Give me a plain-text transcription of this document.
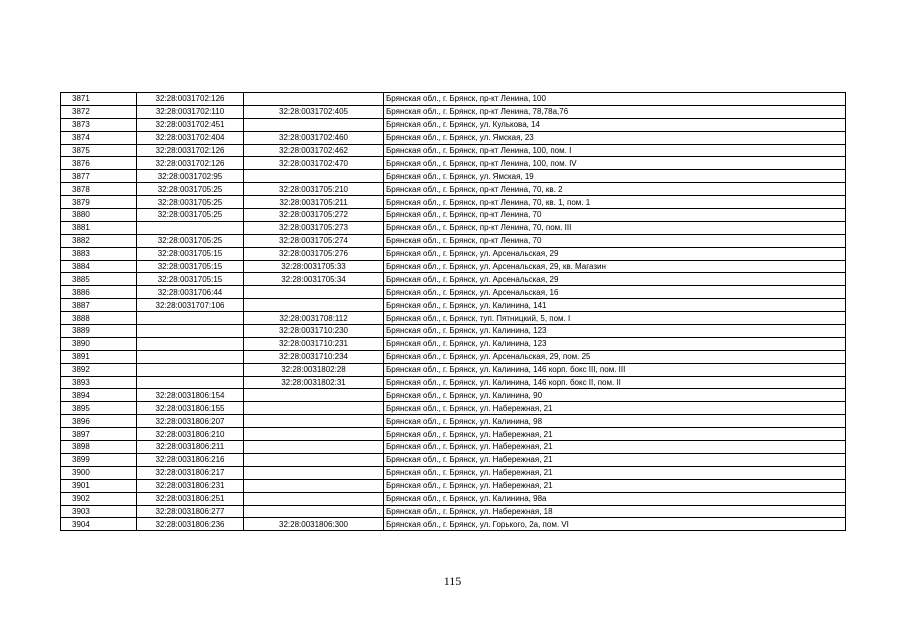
3871	32:28:0031702:126		Брянская обл., г. Брянск, пр-кт Ленина, 100
3872	32:28:0031702:110	32:28:0031702:405	Брянская обл., г. Брянск, пр-кт Ленина, 78,78а,76
3873	32:28:0031702:451		Брянская обл., г. Брянск, ул. Кулькова, 14
3874	32:28:0031702:404	32:28:0031702:460	Брянская обл., г. Брянск, ул. Ямская, 23
3875	32:28:0031702:126	32:28:0031702:462	Брянская обл., г. Брянск, пр-кт Ленина, 100, пом. I
3876	32:28:0031702:126	32:28:0031702:470	Брянская обл., г. Брянск, пр-кт Ленина, 100, пом. IV
3877	32:28:0031702:95		Брянская обл., г. Брянск, ул. Ямская, 19
3878	32:28:0031705:25	32:28:0031705:210	Брянская обл., г. Брянск, пр-кт Ленина, 70, кв. 2
3879	32:28:0031705:25	32:28:0031705:211	Брянская обл., г. Брянск, пр-кт Ленина, 70, кв. 1, пом. 1
3880	32:28:0031705:25	32:28:0031705:272	Брянская обл., г. Брянск, пр-кт Ленина, 70
3881		32:28:0031705:273	Брянская обл., г. Брянск, пр-кт Ленина, 70, пом. III
3882	32:28:0031705:25	32:28:0031705:274	Брянская обл., г. Брянск, пр-кт Ленина, 70
3883	32:28:0031705:15	32:28:0031705:276	Брянская обл., г. Брянск, ул. Арсенальская, 29
3884	32:28:0031705:15	32:28:0031705:33	Брянская обл., г. Брянск, ул. Арсенальская, 29, кв. Магазин
3885	32:28:0031705:15	32:28:0031705:34	Брянская обл., г. Брянск, ул. Арсенальская, 29
3886	32:28:0031706:44		Брянская обл., г. Брянск, ул. Арсенальская, 16
3887	32:28:0031707:106		Брянская обл., г. Брянск, ул. Калинина, 141
3888		32:28:0031708:112	Брянская обл., г. Брянск, туп. Пятницкий, 5, пом. I
3889		32:28:0031710:230	Брянская обл., г. Брянск, ул. Калинина, 123
3890		32:28:0031710:231	Брянская обл., г. Брянск, ул. Калинина, 123
3891		32:28:0031710:234	Брянская обл., г. Брянск, ул. Арсенальская, 29, пом. 25
3892		32:28:0031802:28	Брянская обл., г. Брянск, ул. Калинина, 146 корп. бокс III, пом. III
3893		32:28:0031802:31	Брянская обл., г. Брянск, ул. Калинина, 146 корп. бокс II, пом. II
3894	32:28:0031806:154		Брянская обл., г. Брянск, ул. Калинина, 90
3895	32:28:0031806:155		Брянская обл., г. Брянск, ул. Набережная, 21
3896	32:28:0031806:207		Брянская обл., г. Брянск, ул. Калинина, 98
3897	32:28:0031806:210		Брянская обл., г. Брянск, ул. Набережная, 21
3898	32:28:0031806:211		Брянская обл., г. Брянск, ул. Набережная, 21
3899	32:28:0031806:216		Брянская обл., г. Брянск, ул. Набережная, 21
3900	32:28:0031806:217		Брянская обл., г. Брянск, ул. Набережная, 21
3901	32:28:0031806:231		Брянская обл., г. Брянск, ул. Набережная, 21
3902	32:28:0031806:251		Брянская обл., г. Брянск, ул. Калинина, 98а
3903	32:28:0031806:277		Брянская обл., г. Брянск, ул. Набережная, 18
3904	32:28:0031806:236	32:28:0031806:300	Брянская обл., г. Брянск, ул. Горького, 2а, пом. VI
115
